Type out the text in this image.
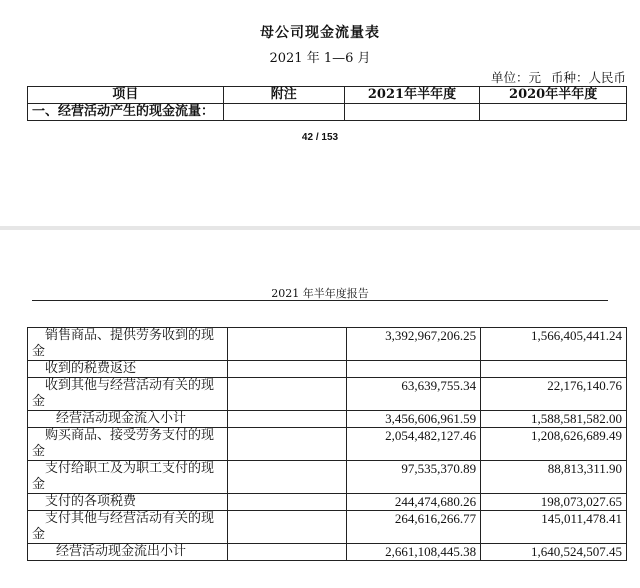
母公司现金流量表
2021 年 1—6 月
单位：元 币种：人民币
项目	附注	2021年半年度	2020年半年度
一、经营活动产生的现金流量：			
42 / 153
2021 年半年度报告
销售商品、提供劳务收到的现金		3,392,967,206.25	1,566,405,441.24
收到的税费返还			
收到其他与经营活动有关的现金		63,639,755.34	22,176,140.76
经营活动现金流入小计		3,456,606,961.59	1,588,581,582.00
购买商品、接受劳务支付的现金		2,054,482,127.46	1,208,626,689.49
支付给职工及为职工支付的现金		97,535,370.89	88,813,311.90
支付的各项税费		244,474,680.26	198,073,027.65
支付其他与经营活动有关的现金		264,616,266.77	145,011,478.41
经营活动现金流出小计		2,661,108,445.38	1,640,524,507.45
